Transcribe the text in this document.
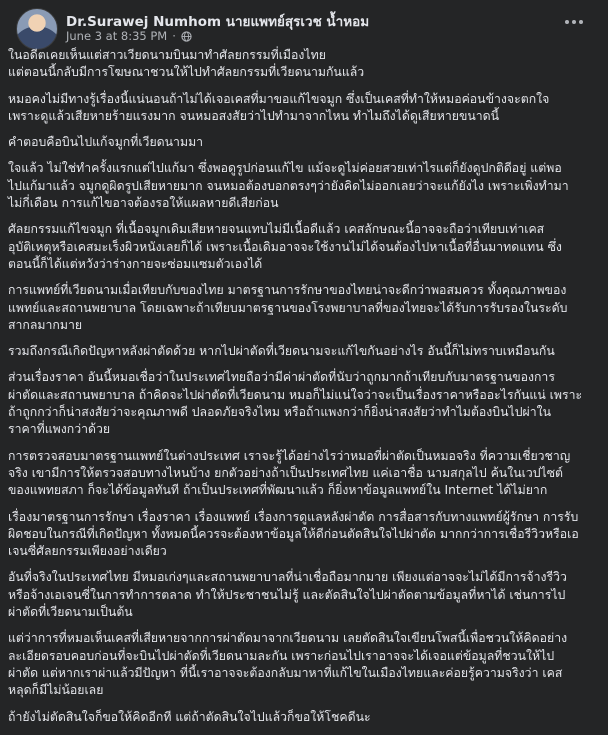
Dr.Surawej Numhom นายแพทย์สุรเวช น้ำหอม
June 3 at 8:35 PM ·

ในอดีตเคยเห็นแต่สาวเวียดนามบินมาทำศัลยกรรมที่เมืองไทย
แต่ตอนนี้กลับมีการโฆษณาชวนให้ไปทำศัลยกรรมที่เวียดนามกันแล้ว

หมอคงไม่มีทางรู้เรื่องนี้แน่นอนถ้าไม่ได้เจอเคสที่มาขอแก้ไขจมูก ซึ่งเป็นเคสที่ทำให้หมอค่อนข้างจะตกใจ
เพราะดูแล้วเสียหายร้ายแรงมาก จนหมอสงสัยว่าไปทำมาจากไหน ทำไมถึงได้ดูเสียหายขนาดนี้

คำตอบคือบินไปแก้จมูกที่เวียดนามมา

ใจแล้ว ไม่ใช่ทำครั้งแรกแต่ไปแก้มา ซึ่งพอดูรูปก่อนแก้ไข แม้จะดูไม่ค่อยสวยเท่าไรแต่ก็ยังดูปกติดีอยู่ แต่พอ
ไปแก้มาแล้ว จมูกดูผิดรูปเสียหายมาก จนหมอต้องบอกตรงๆว่ายังคิดไม่ออกเลยว่าจะแก้ยังไง เพราะเพิ่งทำมา
ไม่กี่เดือน การแก้ไขอาจต้องรอให้แผลหายดีเสียก่อน

ศัลยกรรมแก้ไขจมูก ที่เนื้อจมูกเดิมเสียหายจนแทบไม่มีเนื้อดีแล้ว เคสลักษณะนี้อาจจะถือว่าเทียบเท่าเคส
อุบัติเหตุหรือเคสมะเร็งผิวหนังเลยก็ได้ เพราะเนื้อเดิมอาจจะใช้งานไม่ได้จนต้องไปหาเนื้อที่อื่นมาทดแทน ซึ่ง
ตอนนี้ก็ได้แต่หวังว่าร่างกายจะซ่อมแซมตัวเองได้

การแพทย์ที่เวียดนามเมื่อเทียบกับของไทย มาตรฐานการรักษาของไทยน่าจะดีกว่าพอสมควร ทั้งคุณภาพของ
แพทย์และสถานพยาบาล โดยเฉพาะถ้าเทียบมาตรฐานของโรงพยาบาลที่ของไทยจะได้รับการรับรองในระดับ
สากลมากมาย

รวมถึงกรณีเกิดปัญหาหลังผ่าตัดด้วย หากไปผ่าตัดที่เวียดนามจะแก้ไขกันอย่างไร อันนี้ก็ไม่ทราบเหมือนกัน

ส่วนเรื่องราคา อันนี้หมอเชื่อว่าในประเทศไทยถือว่ามีค่าผ่าตัดที่นับว่าถูกมากถ้าเทียบกับมาตรฐานของการ
ผ่าตัดและสถานพยาบาล ถ้าคิดจะไปผ่าตัดที่เวียดนาม หมอก็ไม่แน่ใจว่าจะเป็นเรื่องราคาหรืออะไรกันแน่ เพราะ
ถ้าถูกกว่าก็น่าสงสัยว่าจะคุณภาพดี ปลอดภัยจริงไหม หรือถ้าแพงกว่าก็ยิ่งน่าสงสัยว่าทำไมต้องบินไปผ่าใน
ราคาที่แพงกว่าด้วย

การตรวจสอบมาตรฐานแพทย์ในต่างประเทศ เราจะรู้ได้อย่างไรว่าหมอที่ผ่าตัดเป็นหมอจริง ที่ความเชี่ยวชาญ
จริง เขามีการให้ตรวจสอบทางไหนบ้าง ยกตัวอย่างถ้าเป็นประเทศไทย แค่เอาชื่อ นามสกุลไป ค้นในเวปไซต์
ของแพทยสภา ก็จะได้ข้อมูลทันที ถ้าเป็นประเทศที่พัฒนาแล้ว ก็ยิ่งหาข้อมูลแพทย์ใน Internet ได้ไม่ยาก

เรื่องมาตรฐานการรักษา เรื่องราคา เรื่องแพทย์ เรื่องการดูแลหลังผ่าตัด การสื่อสารกับทางแพทย์ผู้รักษา การรับ
ผิดชอบในกรณีที่เกิดปัญหา ทั้งหมดนี้ควรจะต้องหาข้อมูลให้ดีก่อนตัดสินใจไปผ่าตัด มากกว่าการเชื่อรีวิวหรือเอ
เจนซี่ศัลยกรรมเพียงอย่างเดียว

อันที่จริงในประเทศไทย มีหมอเก่งๆและสถานพยาบาลที่น่าเชื่อถือมากมาย เพียงแต่อาจจะไม่ได้มีการจ้างรีวิว
หรือจ้างเอเจนซี่ในการทำการตลาด ทำให้ประชาชนไม่รู้ และตัดสินใจไปผ่าตัดตามข้อมูลที่หาได้ เช่นการไป
ผ่าตัดที่เวียดนามเป็นต้น

แต่ว่าการที่หมอเห็นเคสที่เสียหายจากการผ่าตัดมาจากเวียดนาม เลยตัดสินใจเขียนโพสนี้เพื่อชวนให้คิดอย่าง
ละเอียดรอบคอบก่อนที่จะบินไปผ่าตัดที่เวียดนามละกัน เพราะก่อนไปเราอาจจะได้เจอแต่ข้อมูลที่ชวนให้ไป
ผ่าตัด แต่หากเราผ่าแล้วมีปัญหา ที่นี้เราอาจจะต้องกลับมาหาที่แก้ไขในเมืองไทยและค่อยรู้ความจริงว่า เคส
หลุดก็มีไม่น้อยเลย

ถ้ายังไม่ตัดสินใจก็ขอให้คิดอีกที แต่ถ้าตัดสินใจไปแล้วก็ขอให้โชคดีนะ
